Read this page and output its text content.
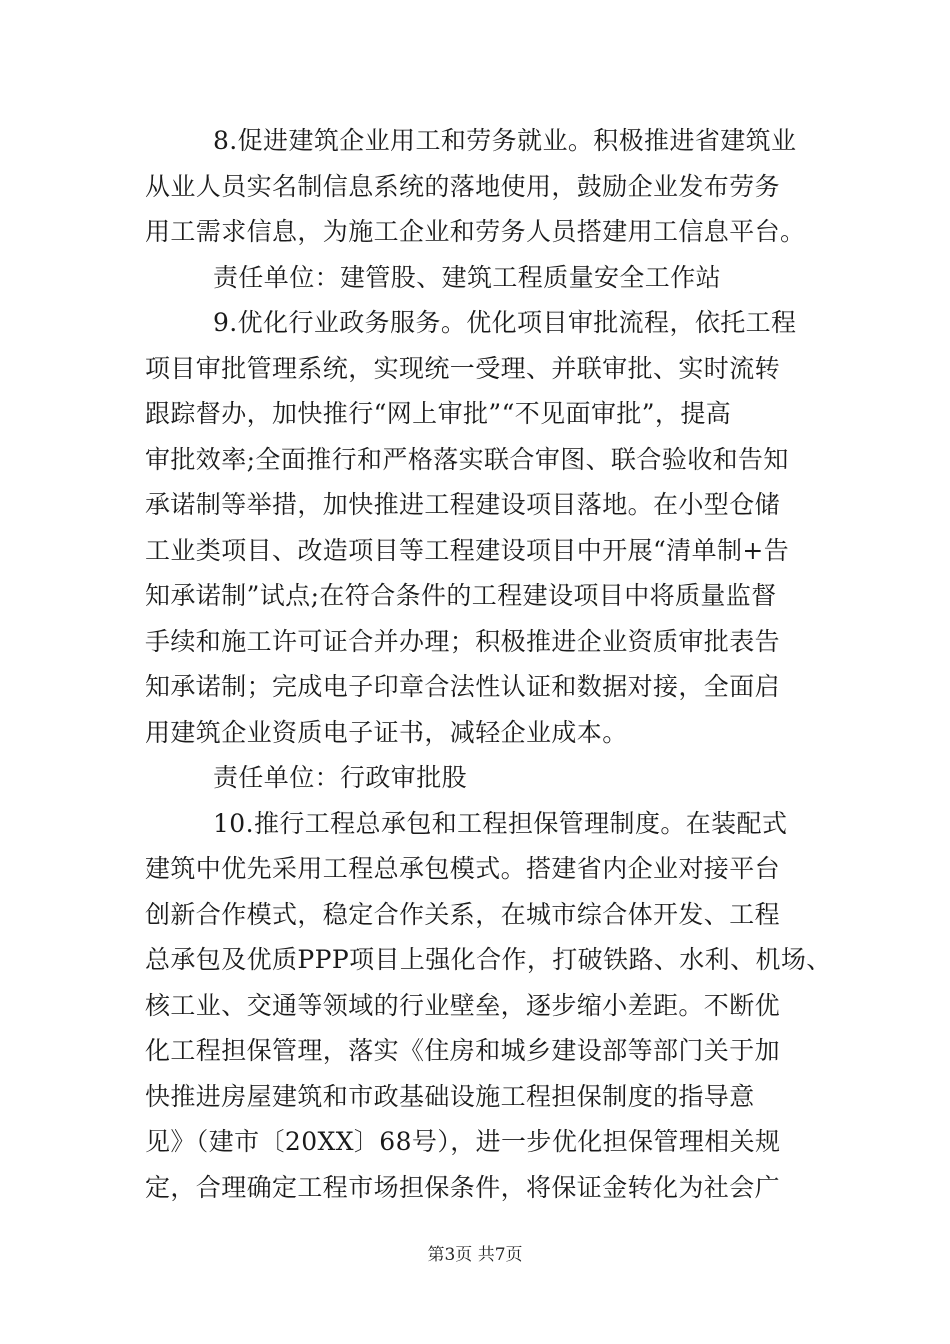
8.促进建筑企业用工和劳务就业。积极推进省建筑业
从业人员实名制信息系统的落地使用，鼓励企业发布劳务
用工需求信息，为施工企业和劳务人员搭建用工信息平台。
责任单位：建管股、建筑工程质量安全工作站
9.优化行业政务服务。优化项目审批流程，依托工程
项目审批管理系统，实现统一受理、并联审批、实时流转
跟踪督办，加快推行“网上审批”“不见面审批”，提高
审批效率;全面推行和严格落实联合审图、联合验收和告知
承诺制等举措，加快推进工程建设项目落地。在小型仓储
工业类项目、改造项目等工程建设项目中开展“清单制+告
知承诺制”试点;在符合条件的工程建设项目中将质量监督
手续和施工许可证合并办理；积极推进企业资质审批表告
知承诺制；完成电子印章合法性认证和数据对接，全面启
用建筑企业资质电子证书，减轻企业成本。
责任单位：行政审批股
10.推行工程总承包和工程担保管理制度。在装配式
建筑中优先采用工程总承包模式。搭建省内企业对接平台
创新合作模式，稳定合作关系，在城市综合体开发、工程
总承包及优质PPP项目上强化合作，打破铁路、水利、机场、
核工业、交通等领域的行业壁垒，逐步缩小差距。不断优
化工程担保管理，落实《住房和城乡建设部等部门关于加
快推进房屋建筑和市政基础设施工程担保制度的指导意
见》（建市〔20XX〕68号），进一步优化担保管理相关规
定，合理确定工程市场担保条件，将保证金转化为社会广
第3页 共7页
